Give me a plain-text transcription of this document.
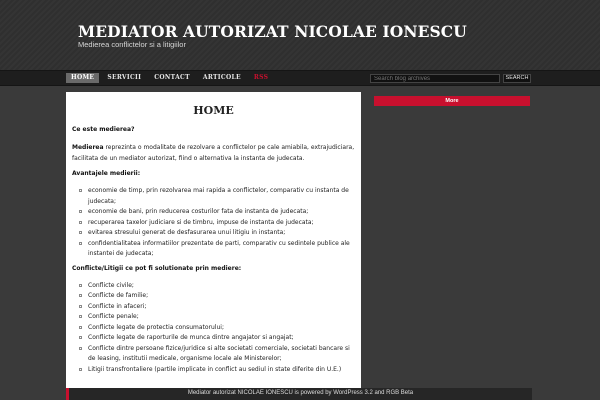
MEDIATOR AUTORIZAT NICOLAE IONESCU
Medierea conflictelor si a litigiilor
HOME	SERVICII	CONTACT	ARTICOLE	RSS
Search blog archives	SEARCH
HOME
Ce este medierea?
Medierea reprezinta o modalitate de rezolvare a conflictelor pe cale amiabila, extrajudiciara, facilitata de un mediator autorizat, fiind o alternativa la instanta de judecata.
Avantajele medierii:
economie de timp, prin rezolvarea mai rapida a conflictelor, comparativ cu instanta de judecata;
economie de bani, prin reducerea costurilor fata de instanta de judecata;
recuperarea taxelor judiciare si de timbru, impuse de instanta de judecata;
evitarea stresului generat de desfasurarea unui litigiu in instanta;
confidentialitatea informatiilor prezentate de parti, comparativ cu sedintele publice ale instantei de judecata;
Conflicte/Litigii ce pot fi solutionate prin mediere:
Conflicte civile;
Conflicte de familie;
Conflicte in afaceri;
Conflicte penale;
Conflicte legate de protectia consumatorului;
Conflicte legate de raporturile de munca dintre angajator si angajat;
Conflicte dintre persoane fizice/juridice si alte societati comerciale, societati bancare si de leasing, institutii medicale, organisme locale ale Ministerelor;
Litigii transfrontaliere (partile implicate in conflict au sediul in state diferite din U.E.)
More
Mediator autorizat NICOLAE IONESCU is powered by WordPress 3.2 and RGB Beta
